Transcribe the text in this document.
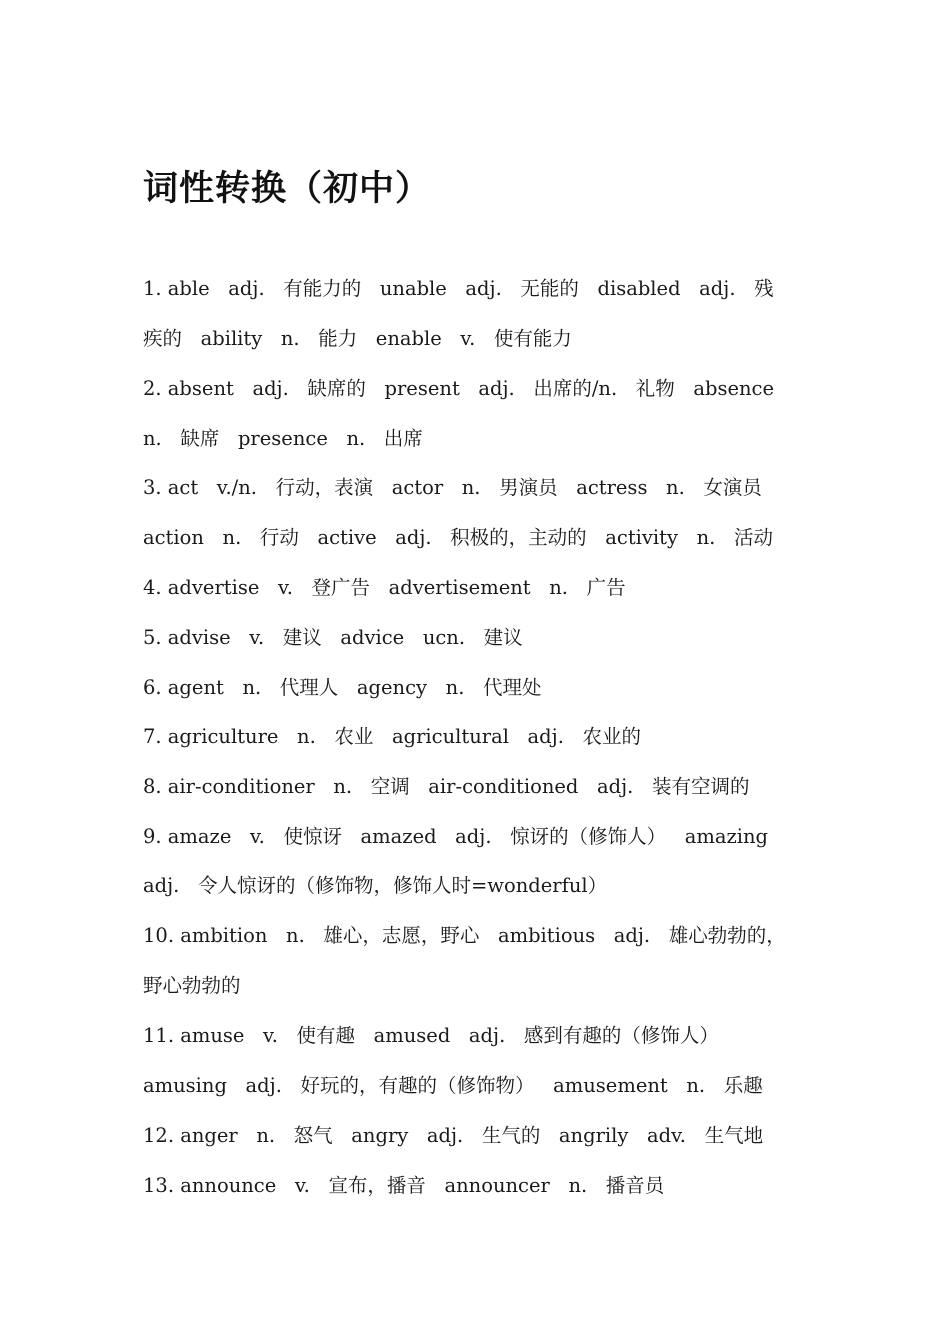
词性转换（初中）
1. able   adj.   有能力的   unable   adj.   无能的   disabled   adj.   残
疾的   ability   n.   能力   enable   v.   使有能力
2. absent   adj.   缺席的   present   adj.   出席的/n.   礼物   absence
n.   缺席   presence   n.   出席
3. act   v./n.   行动，表演   actor   n.   男演员   actress   n.   女演员
action   n.   行动   active   adj.   积极的，主动的   activity   n.   活动
4. advertise   v.   登广告   advertisement   n.   广告
5. advise   v.   建议   advice   ucn.   建议
6. agent   n.   代理人   agency   n.   代理处
7. agriculture   n.   农业   agricultural   adj.   农业的
8. air-conditioner   n.   空调   air-conditioned   adj.   装有空调的
9. amaze   v.   使惊讶   amazed   adj.   惊讶的（修饰人）   amazing
adj.   令人惊讶的（修饰物，修饰人时=wonderful）
10. ambition   n.   雄心，志愿，野心   ambitious   adj.   雄心勃勃的，
野心勃勃的
11. amuse   v.   使有趣   amused   adj.   感到有趣的（修饰人）
amusing   adj.   好玩的，有趣的（修饰物）   amusement   n.   乐趣
12. anger   n.   怒气   angry   adj.   生气的   angrily   adv.   生气地
13. announce   v.   宣布，播音   announcer   n.   播音员
